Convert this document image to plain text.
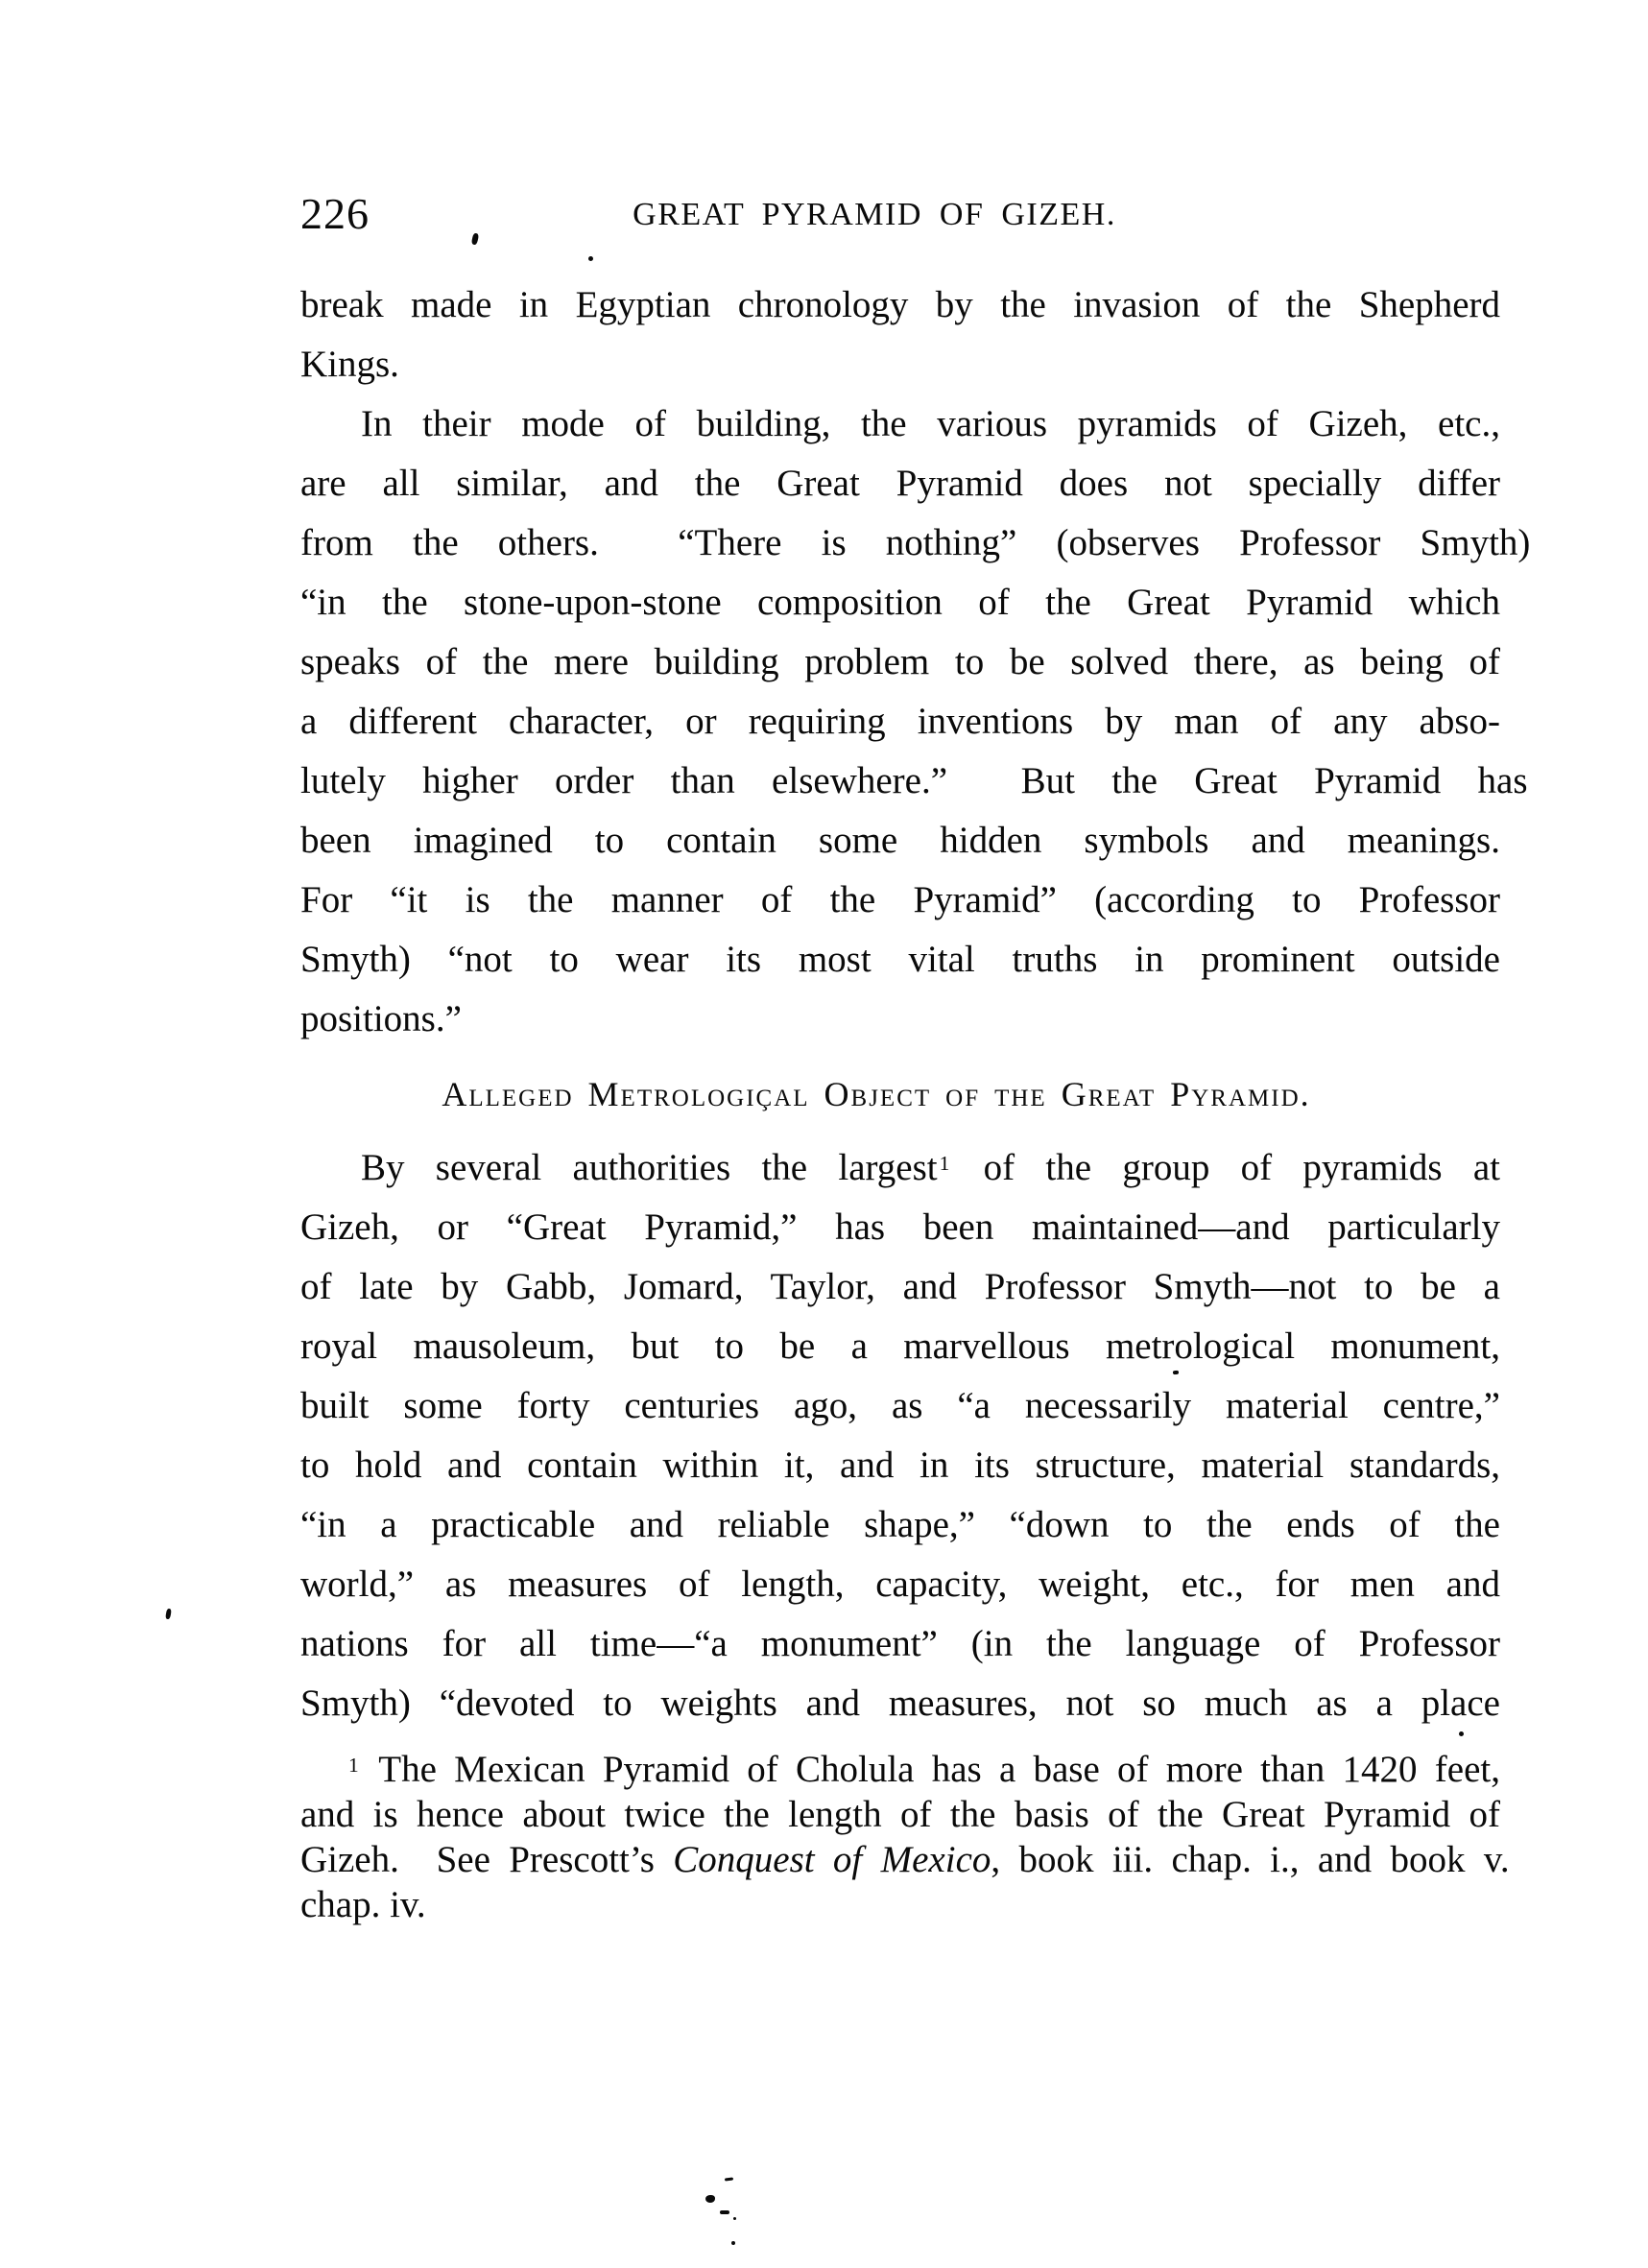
226	GREAT PYRAMID OF GIZEH.
break made in Egyptian chronology by the invasion of the Shepherd
Kings.
In their mode of building, the various pyramids of Gizeh, etc.,
are all similar, and the Great Pyramid does not specially differ
from the others.  “There is nothing” (observes Professor Smyth)
“in the stone-upon-stone composition of the Great Pyramid which
speaks of the mere building problem to be solved there, as being of
a different character, or requiring inventions by man of any abso-
lutely higher order than elsewhere.”  But the Great Pyramid has
been imagined to contain some hidden symbols and meanings.
For “it is the manner of the Pyramid” (according to Professor
Smyth) “not to wear its most vital truths in prominent outside
positions.”
Alleged Metrologiçal Object of the Great Pyramid.
By several authorities the largest$^1$ of the group of pyramids at
Gizeh, or “Great Pyramid,” has been maintained—and particularly
of late by Gabb, Jomard, Taylor, and Professor Smyth—not to be a
royal mausoleum, but to be a marvellous metrological monument,
built some forty centuries ago, as “a necessarily material centre,”
to hold and contain within it, and in its structure, material standards,
“in a practicable and reliable shape,” “down to the ends of the
world,” as measures of length, capacity, weight, etc., for men and
nations for all time—“a monument” (in the language of Professor
Smyth) “devoted to weights and measures, not so much as a place
$^1$ The Mexican Pyramid of Cholula has a base of more than 1420 feet,
and is hence about twice the length of the basis of the Great Pyramid of
Gizeh.  See Prescott’s Conquest of Mexico, book iii. chap. i., and book v.
chap. iv.
